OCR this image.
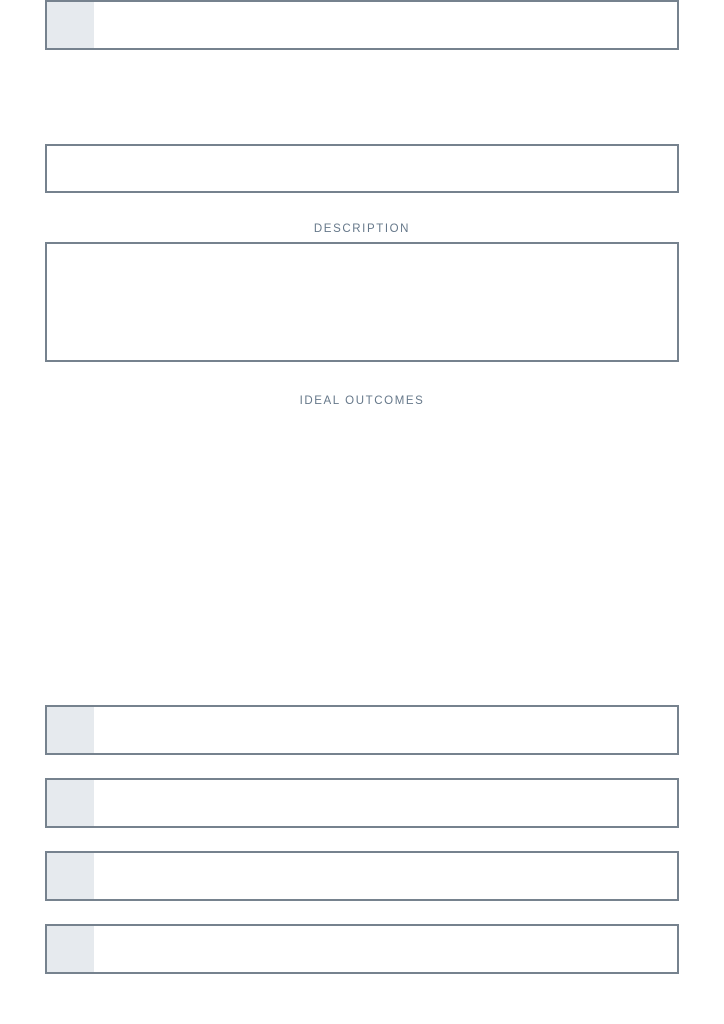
DESCRIPTION
IDEAL OUTCOMES
